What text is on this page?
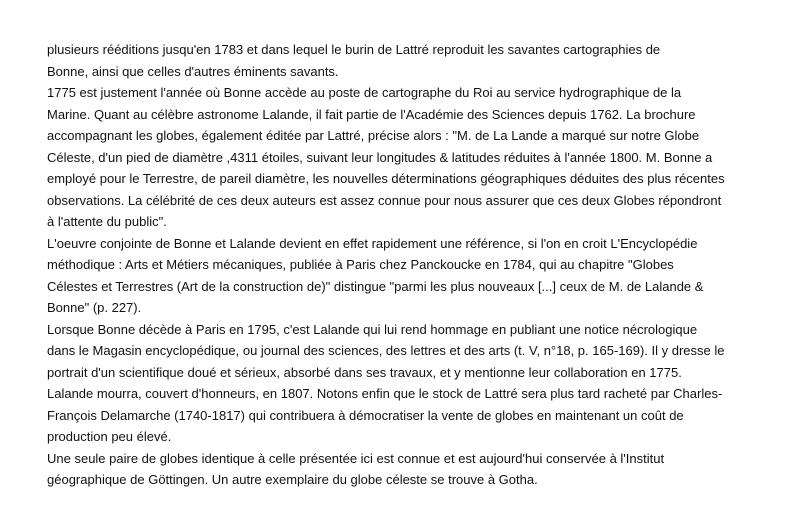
plusieurs rééditions jusqu'en 1783 et dans lequel le burin de Lattré reproduit les savantes cartographies de
Bonne, ainsi que celles d'autres éminents savants.
1775 est justement l'année où Bonne accède au poste de cartographe du Roi au service hydrographique de la
Marine. Quant au célèbre astronome Lalande, il fait partie de l'Académie des Sciences depuis 1762. La brochure
accompagnant les globes, également éditée par Lattré, précise alors : "M. de La Lande a marqué sur notre Globe
Céleste, d'un pied de diamètre ,4311 étoiles, suivant leur longitudes & latitudes réduites à l'année 1800. M. Bonne a
employé pour le Terrestre, de pareil diamètre, les nouvelles déterminations géographiques déduites des plus récentes
observations. La célébrité de ces deux auteurs est assez connue pour nous assurer que ces deux Globes répondront
à l'attente du public".
L'oeuvre conjointe de Bonne et Lalande devient en effet rapidement une référence, si l'on en croit L'Encyclopédie
méthodique : Arts et Métiers mécaniques, publiée à Paris chez Panckoucke en 1784, qui au chapitre "Globes
Célestes et Terrestres (Art de la construction de)" distingue "parmi les plus nouveaux [...] ceux de M. de Lalande &
Bonne" (p. 227).
Lorsque Bonne décède à Paris en 1795, c'est Lalande qui lui rend hommage en publiant une notice nécrologique
dans le Magasin encyclopédique, ou journal des sciences, des lettres et des arts (t. V, n°18, p. 165-169). Il y dresse le
portrait d'un scientifique doué et sérieux, absorbé dans ses travaux, et y mentionne leur collaboration en 1775.
Lalande mourra, couvert d'honneurs, en 1807. Notons enfin que le stock de Lattré sera plus tard racheté par Charles-
François Delamarche (1740-1817) qui contribuera à démocratiser la vente de globes en maintenant un coût de
production peu élevé.
Une seule paire de globes identique à celle présentée ici est connue et est aujourd'hui conservée à l'Institut
géographique de Göttingen. Un autre exemplaire du globe céleste se trouve à Gotha.
